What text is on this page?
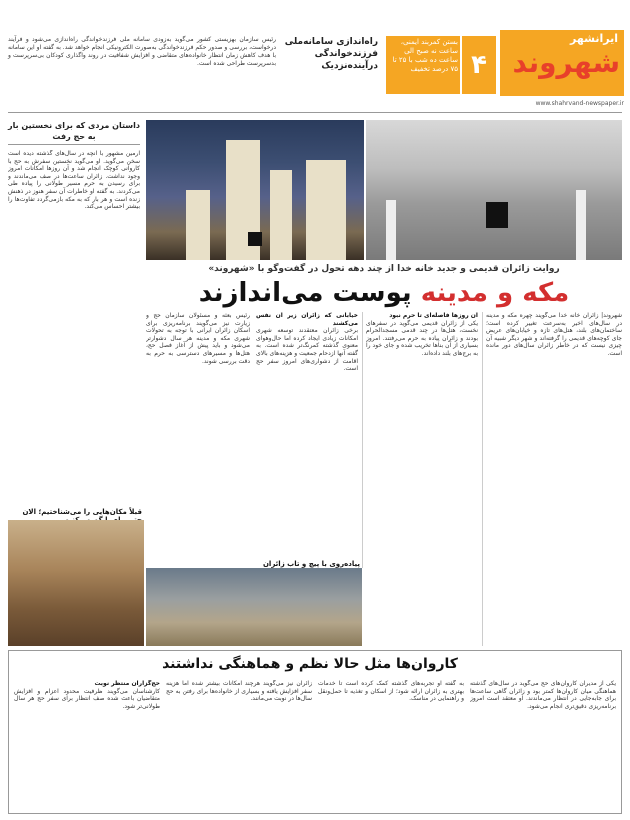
ایرانشهر
شهروند
۴
بستن کمربند ایمنی، ساعت نه صبح الی ساعت ده شب با ۲۵ تا ۷۵ درصد تخفیف
www.shahrvand-newspaper.ir
راه‌اندازی سامانه‌ملی فرزندخواندگی درآینده‌نزدیک
رئیس سازمان بهزیستی کشور می‌گوید به‌زودی سامانه ملی فرزندخواندگی راه‌اندازی می‌شود و فرآیند درخواست، بررسی و صدور حکم فرزندخواندگی به‌صورت الکترونیکی انجام خواهد شد. به گفته او این سامانه با هدف کاهش زمان انتظار خانواده‌های متقاضی و افزایش شفافیت در روند واگذاری کودکان بی‌سرپرست و بدسرپرست طراحی شده است.
روایت زائران قدیمی و جدید خانه خدا از چند دهه تحول در گفت‌وگو با «شهروند»
مکه و مدینه پوست می‌اندازند
شهروند| زائران خانه خدا می‌گویند چهره مکه و مدینه در سال‌های اخیر به‌سرعت تغییر کرده است؛ ساختمان‌های بلند، هتل‌های تازه و خیابان‌های عریض جای کوچه‌های قدیمی را گرفته‌اند و شهر دیگر شبیه آن چیزی نیست که در خاطر زائران سال‌های دور مانده است.
آن روزها فاصله‌ای تا حرم نبود
یکی از زائران قدیمی می‌گوید در سفرهای نخست، هتل‌ها در چند قدمی مسجدالحرام بودند و زائران پیاده به حرم می‌رفتند. امروز بسیاری از آن بناها تخریب شده و جای خود را به برج‌های بلند داده‌اند.
خیابانی که زائران زیر آن نفس می‌کشند
برخی زائران معتقدند توسعه شهری امکانات زیادی ایجاد کرده اما حال‌وهوای معنوی گذشته کمرنگ‌تر شده است. به گفته آنها ازدحام جمعیت و هزینه‌های بالای اقامت از دشواری‌های امروز سفر حج است.
رئیس بعثه و مسئولان سازمان حج و زیارت نیز می‌گویند برنامه‌ریزی برای اسکان زائران ایرانی با توجه به تحولات شهری مکه و مدینه هر سال دشوارتر می‌شود و باید پیش از آغاز فصل حج، هتل‌ها و مسیرهای دسترسی به حرم به دقت بررسی شوند.
پیاده‌روی با پیچ و تاب زائران
داستان مردی که برای نخستین بار به حج رفت
آرمین مشهور با آنچه در سال‌های گذشته دیده است سخن می‌گوید. او می‌گوید نخستین سفرش به حج با کاروانی کوچک انجام شد و آن روزها امکانات امروز وجود نداشت. زائران ساعت‌ها در صف می‌ماندند و برای رسیدن به حرم مسیر طولانی را پیاده طی می‌کردند. به گفته او خاطرات آن سفر هنوز در ذهنش زنده است و هر بار که به مکه بازمی‌گردد تفاوت‌ها را بیشتر احساس می‌کند.
قبلاً مکان‌هایی را می‌شناختیم؛ الان
کاروان‌ها مثل حالا نظم و هماهنگی نداشتند
یکی از مدیران کاروان‌های حج می‌گوید در سال‌های گذشته هماهنگی میان کاروان‌ها کمتر بود و زائران گاهی ساعت‌ها برای جابه‌جایی در انتظار می‌ماندند. او معتقد است امروز برنامه‌ریزی دقیق‌تری انجام می‌شود.
به گفته او تجربه‌های گذشته کمک کرده است تا خدمات بهتری به زائران ارائه شود؛ از اسکان و تغذیه تا حمل‌ونقل و راهنمایی در مناسک.
زائران نیز می‌گویند هرچند امکانات بیشتر شده اما هزینه سفر افزایش یافته و بسیاری از خانواده‌ها برای رفتن به حج سال‌ها در نوبت می‌مانند.
حج‌گزاران منتظر نوبت
کارشناسان می‌گویند ظرفیت محدود اعزام و افزایش متقاضیان باعث شده صف انتظار برای سفر حج هر سال طولانی‌تر شود.
